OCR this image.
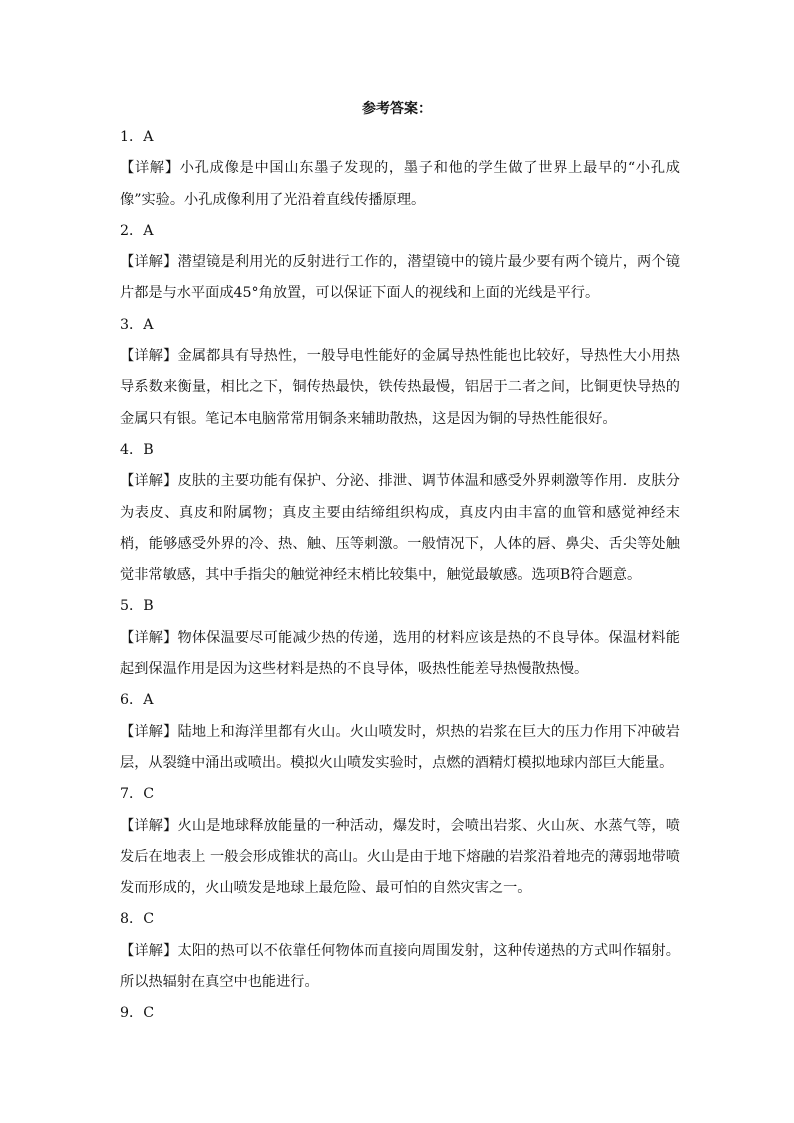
参考答案：

1．A

【详解】小孔成像是中国山东墨子发现的，墨子和他的学生做了世界上最早的“小孔成像”实验。小孔成像利用了光沿着直线传播原理。

2．A

【详解】潜望镜是利用光的反射进行工作的，潜望镜中的镜片最少要有两个镜片，两个镜片都是与水平面成45°角放置，可以保证下面人的视线和上面的光线是平行。

3．A

【详解】金属都具有导热性，一般导电性能好的金属导热性能也比较好，导热性大小用热导系数来衡量，相比之下，铜传热最快，铁传热最慢，铝居于二者之间，比铜更快导热的金属只有银。笔记本电脑常常用铜条来辅助散热，这是因为铜的导热性能很好。

4．B

【详解】皮肤的主要功能有保护、分泌、排泄、调节体温和感受外界刺激等作用．皮肤分为表皮、真皮和附属物；真皮主要由结缔组织构成，真皮内由丰富的血管和感觉神经末梢，能够感受外界的冷、热、触、压等刺激。一般情况下，人体的唇、鼻尖、舌尖等处触觉非常敏感，其中手指尖的触觉神经末梢比较集中，触觉最敏感。选项B符合题意。

5．B

【详解】物体保温要尽可能减少热的传递，选用的材料应该是热的不良导体。保温材料能起到保温作用是因为这些材料是热的不良导体，吸热性能差导热慢散热慢。

6．A

【详解】陆地上和海洋里都有火山。火山喷发时，炽热的岩浆在巨大的压力作用下冲破岩层，从裂缝中涌出或喷出。模拟火山喷发实验时，点燃的酒精灯模拟地球内部巨大能量。

7．C

【详解】火山是地球释放能量的一种活动，爆发时，会喷出岩浆、火山灰、水蒸气等，喷发后在地表上 一般会形成锥状的高山。火山是由于地下熔融的岩浆沿着地壳的薄弱地带喷发而形成的，火山喷发是地球上最危险、最可怕的自然灾害之一。

8．C

【详解】太阳的热可以不依靠任何物体而直接向周围发射，这种传递热的方式叫作辐射。所以热辐射在真空中也能进行。

9．C
